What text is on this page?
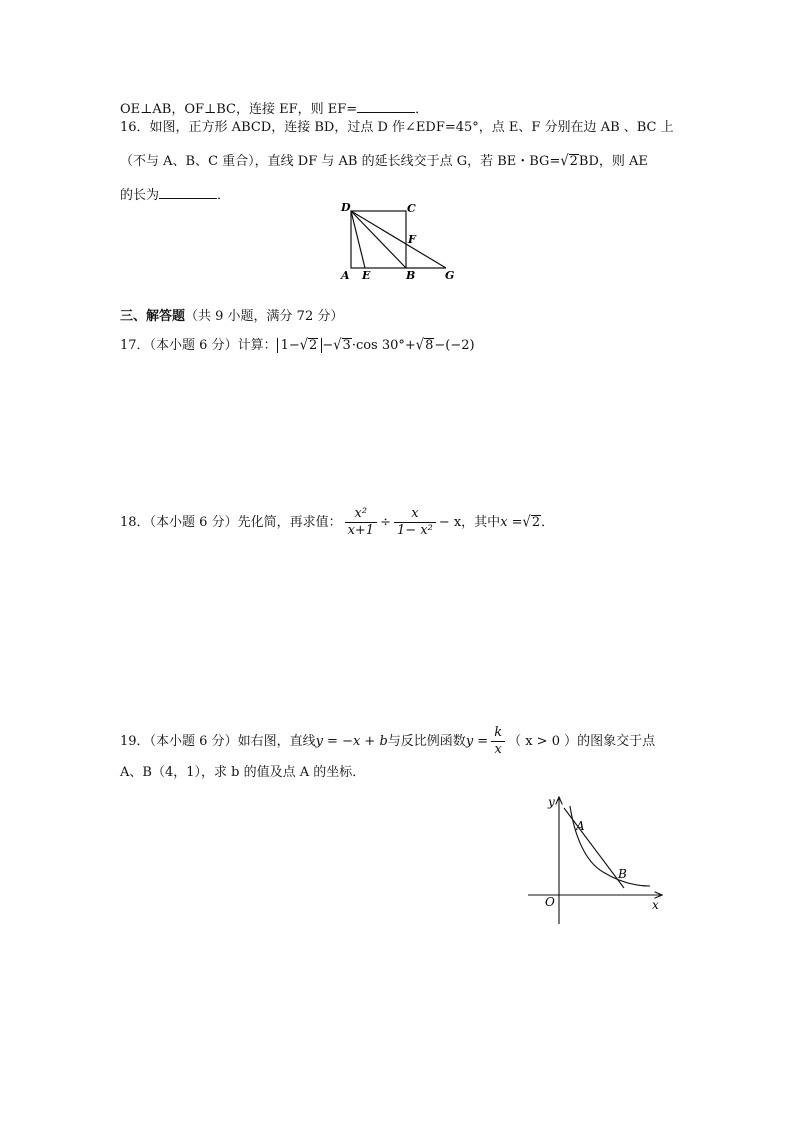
OE⊥AB，OF⊥BC，连接 EF，则 EF=	．
16．如图，正方形 ABCD，连接 BD，过点 D 作∠EDF=45°，点 E、F 分别在边 AB 、BC 上
（不与 A、B、C 重合），直线 DF 与 AB 的延长线交于点 G，若 BE・BG=√2BD，则 AE
的长为	．
D	C
F
A E	B	G
三、解答题（共 9 小题，满分 72 分）
17．（本小题 6 分）计算： 1−√2 −√3·cos 30°+√8−(−2)
18．（本小题 6 分）先化简，再求值： $\frac{\text{x²}}{x+1} \div \frac{x}{\text{1− x²}} - x$，其中x =√2．
19．（本小题 6 分）如右图，直线y = −x + b与反比例函数$y = \frac{k}{x}$ （ x > 0 ）的图象交于点
A、B（4，1），求 b 的值及点 A 的坐标．
y
x
O
A
B
